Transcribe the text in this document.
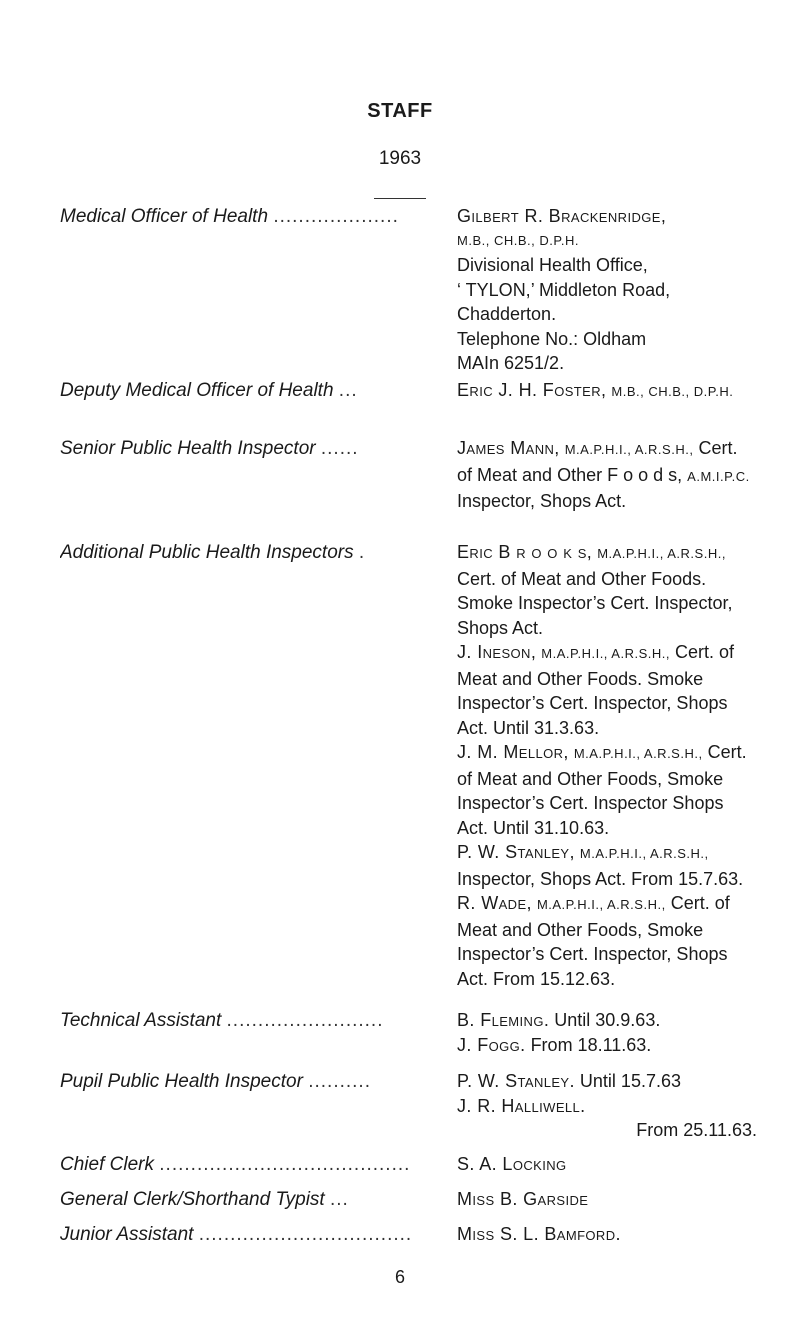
STAFF
1963
Medical Officer of Health ....................	Gilbert R. Brackenridge,
M.B., CH.B., D.P.H.
Divisional Health Office,
‘ TYLON,’ Middleton Road,
Chadderton.
Telephone No.: Oldham
MAIn 6251/2.
Deputy Medical Officer of Health ...	Eric J. H. Foster, M.B., CH.B., D.P.H.
Senior Public Health Inspector ......	James Mann, M.A.P.H.I., A.R.S.H., Cert. of Meat and Other F o o d s, A.M.I.P.C. Inspector, Shops Act.
Additional Public Health Inspectors .	Eric B r o o k s, M.A.P.H.I., A.R.S.H., Cert. of Meat and Other Foods. Smoke Inspector’s Cert. Inspector, Shops Act.
J. Ineson, M.A.P.H.I., A.R.S.H., Cert. of Meat and Other Foods. Smoke Inspector’s Cert. Inspector, Shops Act. Until 31.3.63.
J. M. Mellor, M.A.P.H.I., A.R.S.H., Cert. of Meat and Other Foods, Smoke Inspector’s Cert. Inspector Shops Act. Until 31.10.63.
P. W. Stanley, M.A.P.H.I., A.R.S.H., Inspector, Shops Act. From 15.7.63.
R. Wade, M.A.P.H.I., A.R.S.H., Cert. of Meat and Other Foods, Smoke Inspector’s Cert. Inspector, Shops Act. From 15.12.63.
Technical Assistant .........................	B. Fleming. Until 30.9.63.
J. Fogg. From 18.11.63.
Pupil Public Health Inspector ..........	P. W. Stanley. Until 15.7.63
J. R. Halliwell.
From 25.11.63.
Chief Clerk ........................................	S. A. Locking
General Clerk/Shorthand Typist ...	Miss B. Garside
Junior Assistant ..................................	Miss S. L. Bamford.
6
